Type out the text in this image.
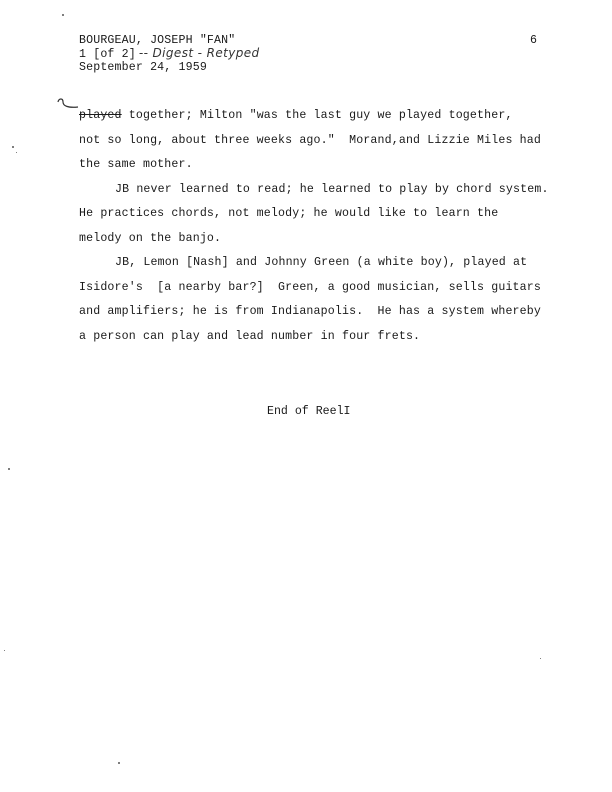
BOURGEAU, JOSEPH "FAN"
1 [of 2] -- Digest - Retyped
September 24, 1959
6

played together; Milton "was the last guy we played together,

not so long, about three weeks ago."  Morand,and Lizzie Miles had

the same mother.

JB never learned to read; he learned to play by chord system.

He practices chords, not melody; he would like to learn the

melody on the banjo.

JB, Lemon [Nash] and Johnny Green (a white boy), played at

Isidore's  [a nearby bar?]  Green, a good musician, sells guitars

and amplifiers; he is from Indianapolis.  He has a system whereby

a person can play and lead number in four frets.

End of ReelI
